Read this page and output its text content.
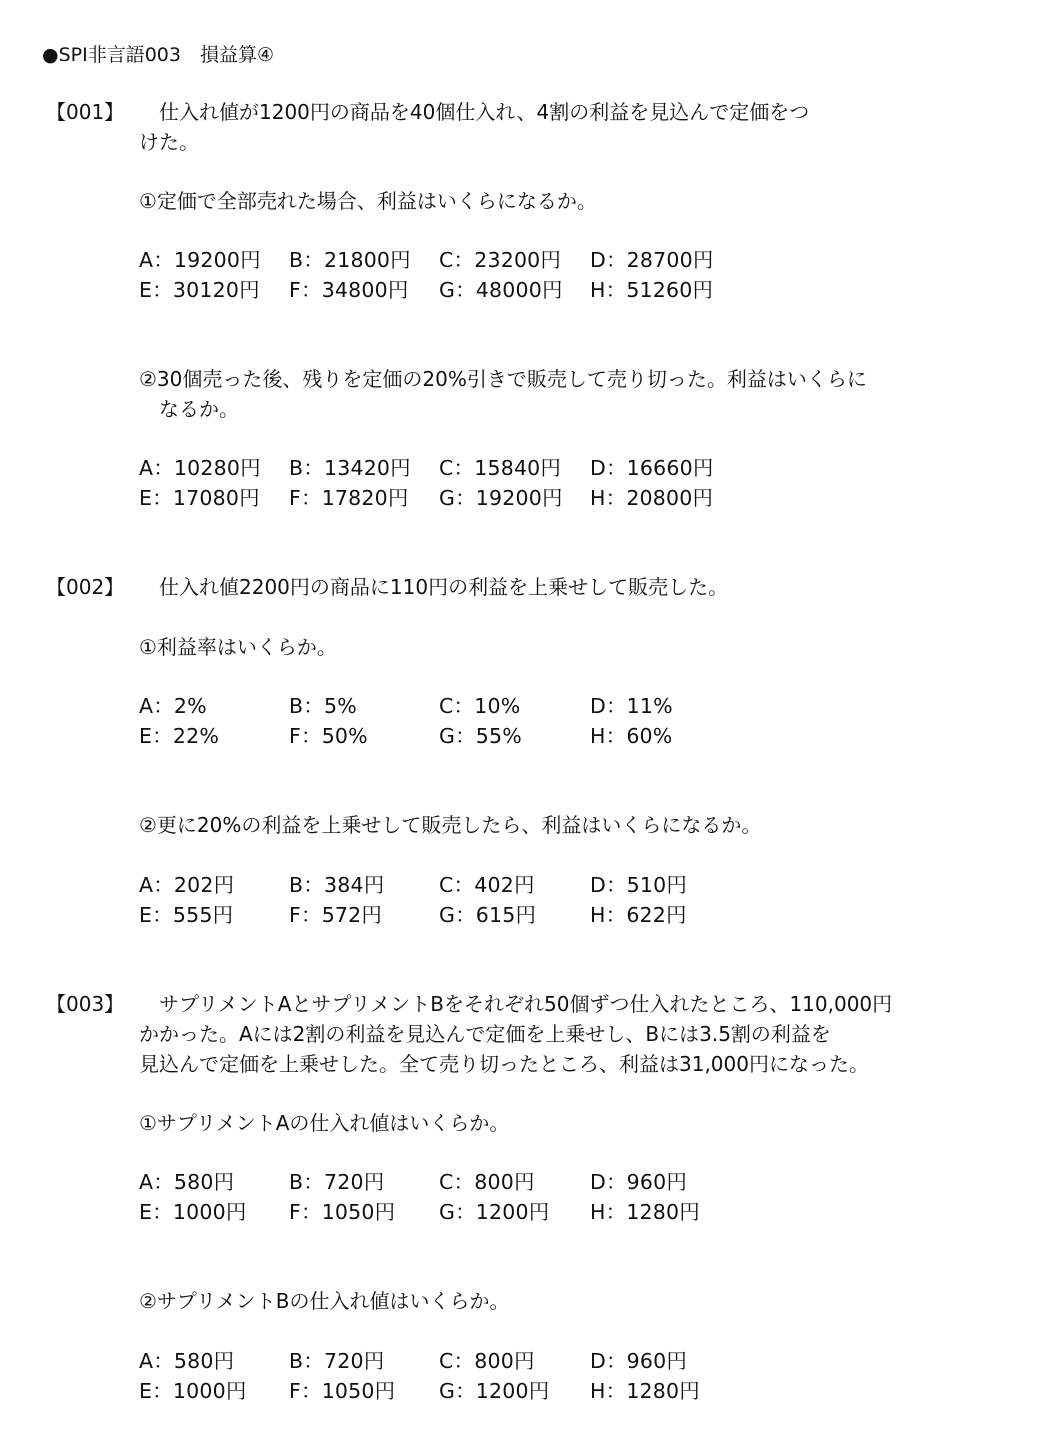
●SPI非言語003　損益算④
【001】 　仕入れ値が1200円の商品を40個仕入れ、4割の利益を見込んで定価をつ
けた。
①定価で全部売れた場合、利益はいくらになるか。
A：19200円 B：21800円 C：23200円 D：28700円
E：30120円 F：34800円 G：48000円 H：51260円
②30個売った後、残りを定価の20%引きで販売して売り切った。利益はいくらに
　なるか。
A：10280円 B：13420円 C：15840円 D：16660円
E：17080円 F：17820円 G：19200円 H：20800円
【002】 　仕入れ値2200円の商品に110円の利益を上乗せして販売した。
①利益率はいくらか。
A：2%	B：5%	C：10%	D：11%
E：22%	F：50%	G：55%	H：60%
②更に20%の利益を上乗せして販売したら、利益はいくらになるか。
A：202円	B：384円	C：402円	D：510円
E：555円	F：572円	G：615円	H：622円
【003】 　サプリメントAとサプリメントBをそれぞれ50個ずつ仕入れたところ、110,000円
かかった。Aには2割の利益を見込んで定価を上乗せし、Bには3.5割の利益を
見込んで定価を上乗せした。全て売り切ったところ、利益は31,000円になった。
①サプリメントAの仕入れ値はいくらか。
A：580円	B：720円	C：800円	D：960円
E：1000円 F：1050円 G：1200円 H：1280円
②サプリメントBの仕入れ値はいくらか。
A：580円	B：720円	C：800円	D：960円
E：1000円 F：1050円 G：1200円 H：1280円
